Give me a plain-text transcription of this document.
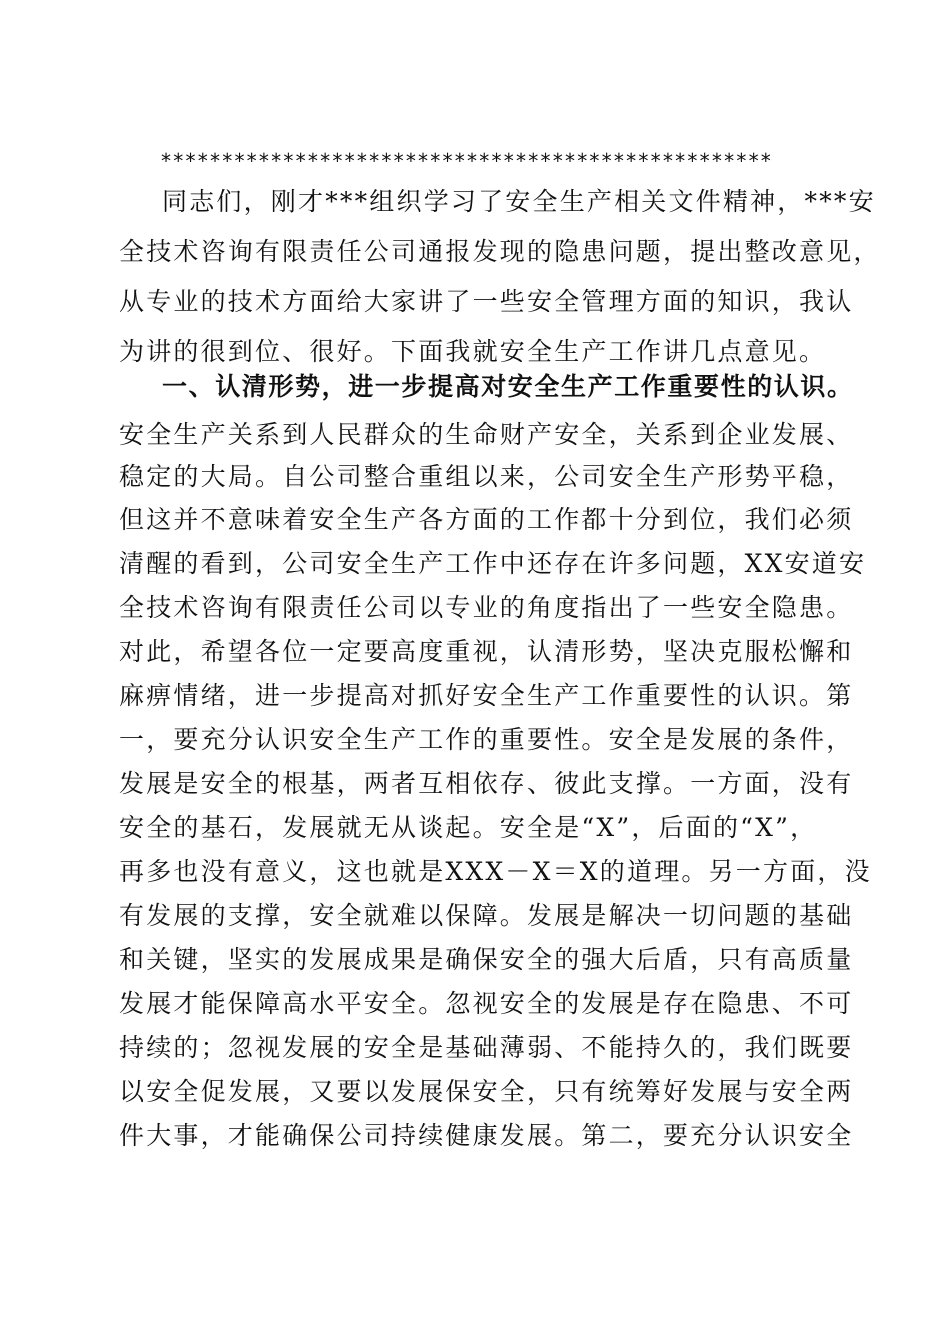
**************************************************
同志们，刚才***组织学习了安全生产相关文件精神，***安
全技术咨询有限责任公司通报发现的隐患问题，提出整改意见，
从专业的技术方面给大家讲了一些安全管理方面的知识，我认
为讲的很到位、很好。下面我就安全生产工作讲几点意见。
一、认清形势，进一步提高对安全生产工作重要性的认识。
安全生产关系到人民群众的生命财产安全，关系到企业发展、
稳定的大局。自公司整合重组以来，公司安全生产形势平稳，
但这并不意味着安全生产各方面的工作都十分到位，我们必须
清醒的看到，公司安全生产工作中还存在许多问题，XX安道安
全技术咨询有限责任公司以专业的角度指出了一些安全隐患。
对此，希望各位一定要高度重视，认清形势，坚决克服松懈和
麻痹情绪，进一步提高对抓好安全生产工作重要性的认识。第
一，要充分认识安全生产工作的重要性。安全是发展的条件，
发展是安全的根基，两者互相依存、彼此支撑。一方面，没有
安全的基石，发展就无从谈起。安全是“X”，后面的“X”，
再多也没有意义，这也就是XXX－X＝X的道理。另一方面，没
有发展的支撑，安全就难以保障。发展是解决一切问题的基础
和关键，坚实的发展成果是确保安全的强大后盾，只有高质量
发展才能保障高水平安全。忽视安全的发展是存在隐患、不可
持续的；忽视发展的安全是基础薄弱、不能持久的，我们既要
以安全促发展，又要以发展保安全，只有统筹好发展与安全两
件大事，才能确保公司持续健康发展。第二，要充分认识安全
